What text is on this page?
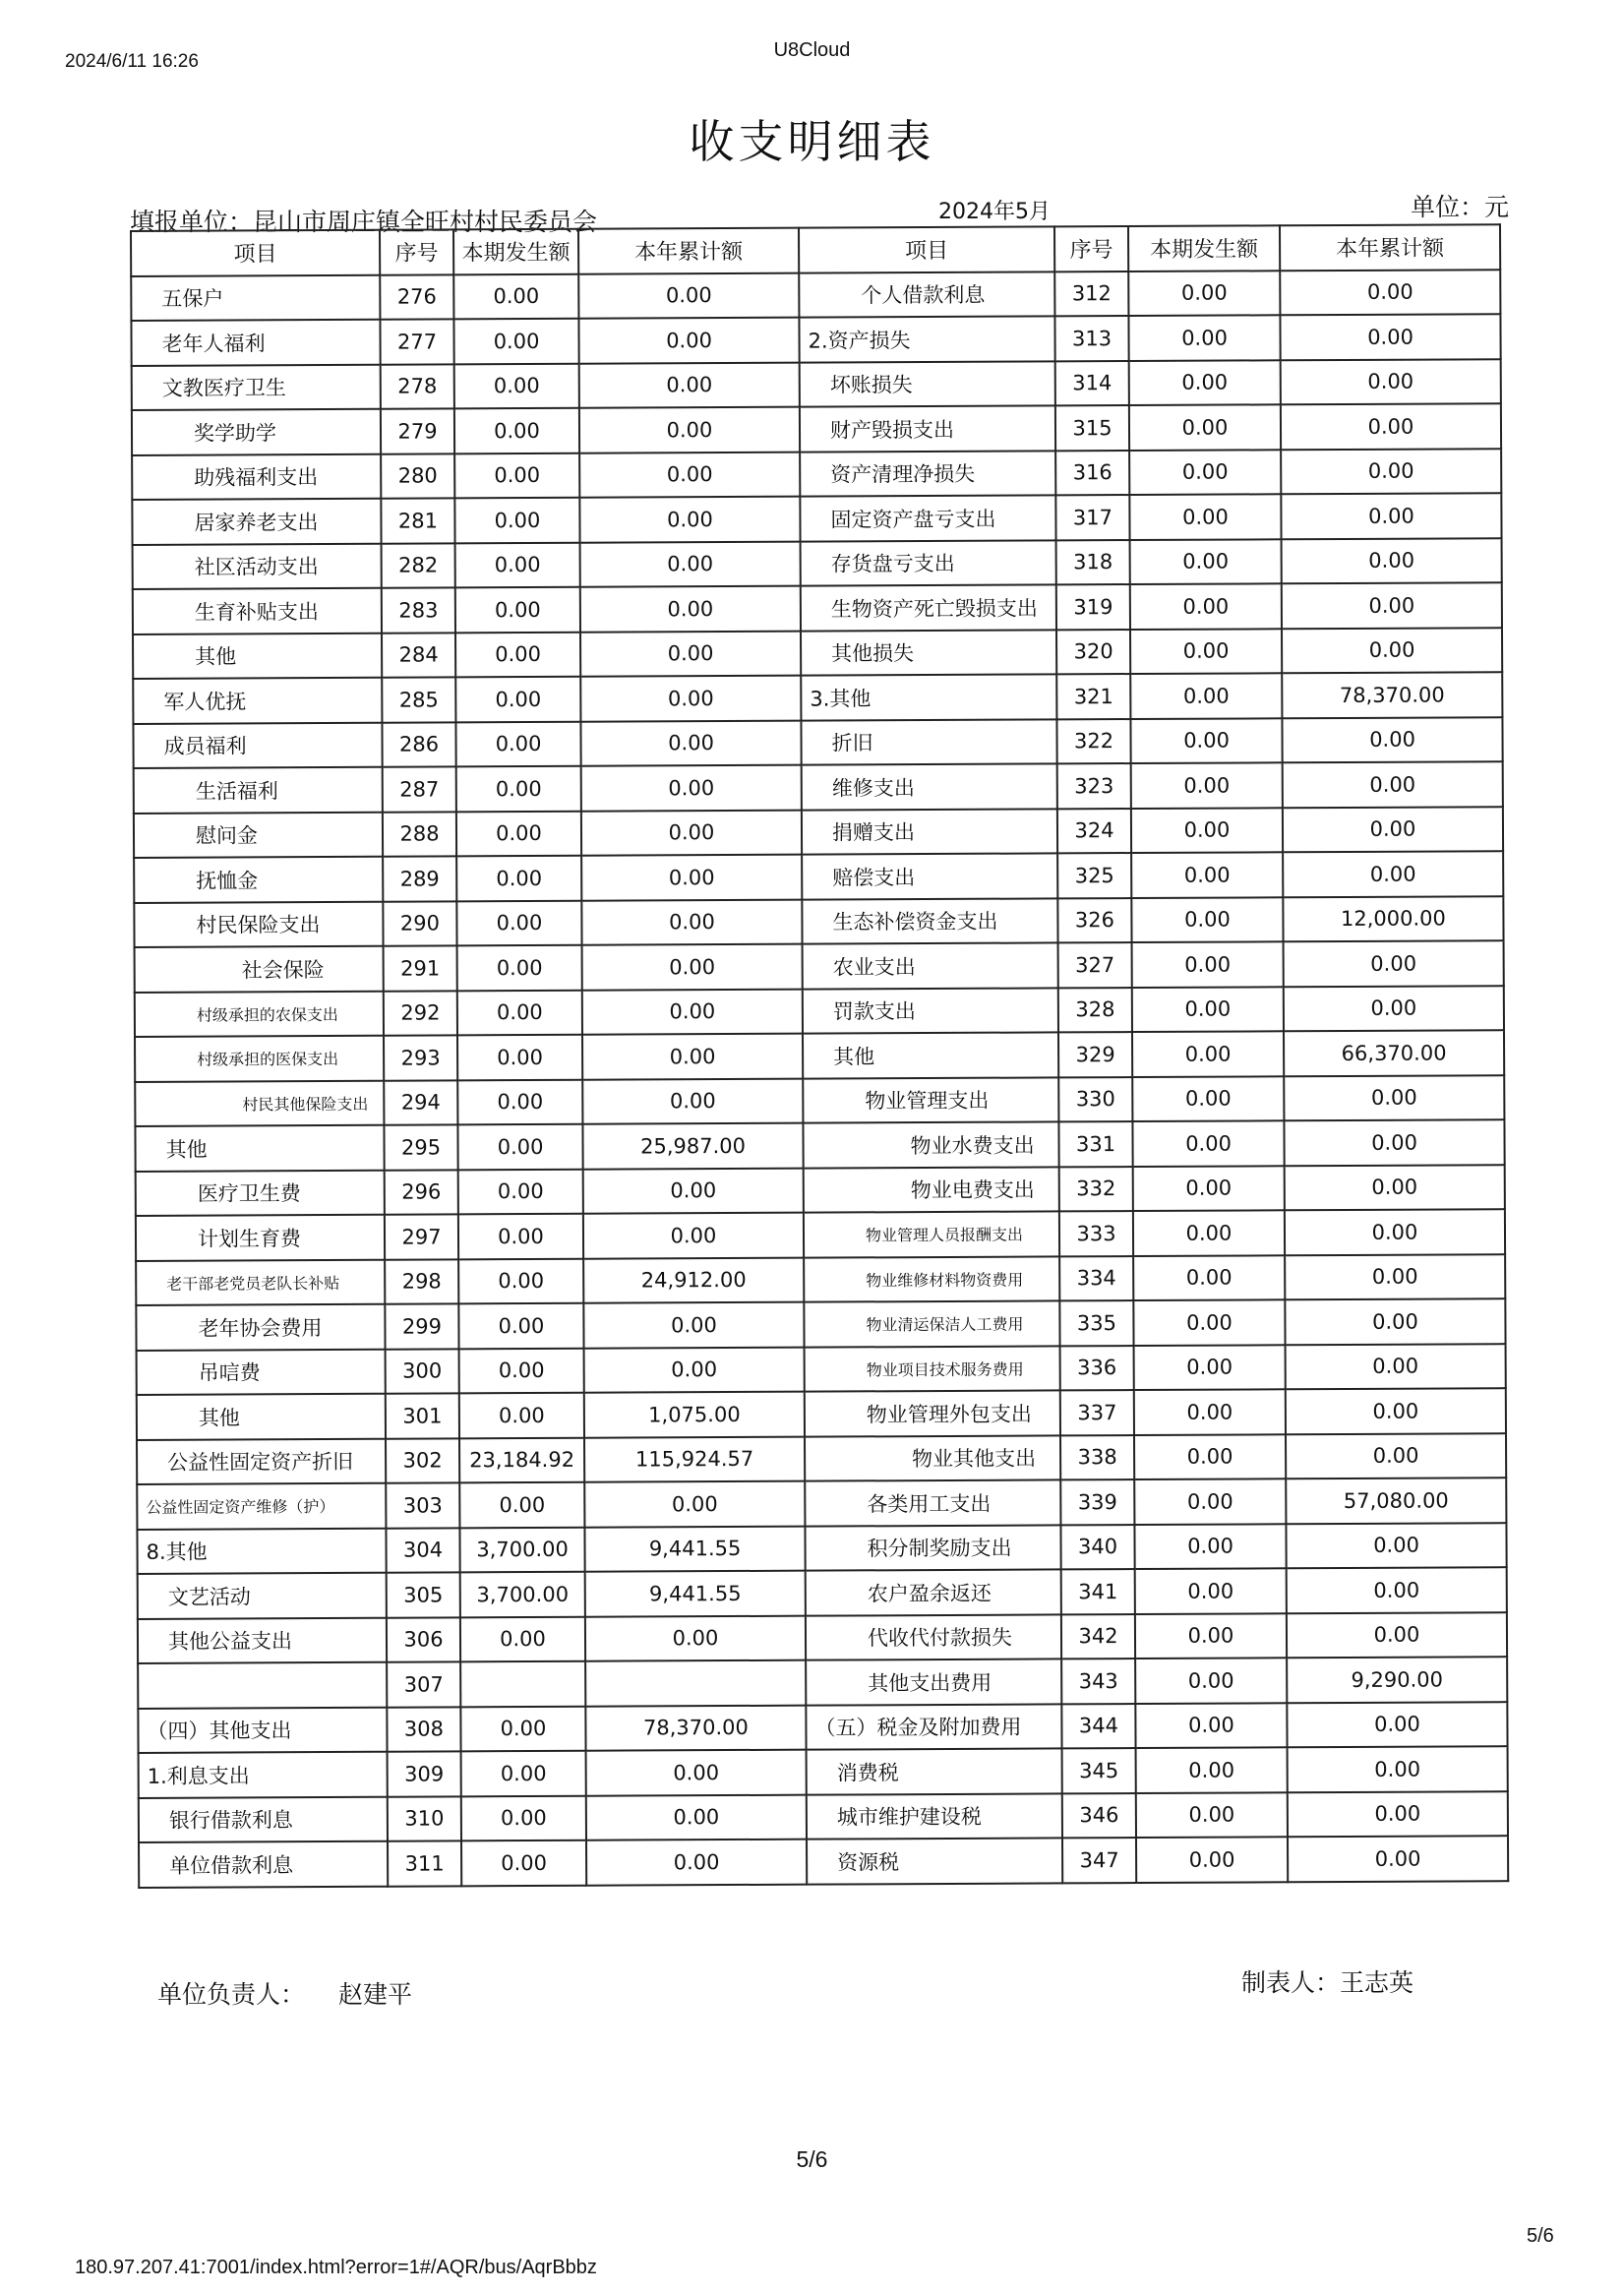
2024/6/11 16:26
U8Cloud
收支明细表
填报单位：昆山市周庄镇全旺村村民委员会	2024年5月	单位：元
项目	序号	本期发生额	本年累计额	项目	序号	本期发生额	本年累计额
五保户	276	0.00	0.00	个人借款利息	312	0.00	0.00
老年人福利	277	0.00	0.00	2.资产损失	313	0.00	0.00
文教医疗卫生	278	0.00	0.00	坏账损失	314	0.00	0.00
奖学助学	279	0.00	0.00	财产毁损支出	315	0.00	0.00
助残福利支出	280	0.00	0.00	资产清理净损失	316	0.00	0.00
居家养老支出	281	0.00	0.00	固定资产盘亏支出	317	0.00	0.00
社区活动支出	282	0.00	0.00	存货盘亏支出	318	0.00	0.00
生育补贴支出	283	0.00	0.00	生物资产死亡毁损支出	319	0.00	0.00
其他	284	0.00	0.00	其他损失	320	0.00	0.00
军人优抚	285	0.00	0.00	3.其他	321	0.00	78,370.00
成员福利	286	0.00	0.00	折旧	322	0.00	0.00
生活福利	287	0.00	0.00	维修支出	323	0.00	0.00
慰问金	288	0.00	0.00	捐赠支出	324	0.00	0.00
抚恤金	289	0.00	0.00	赔偿支出	325	0.00	0.00
村民保险支出	290	0.00	0.00	生态补偿资金支出	326	0.00	12,000.00
社会保险	291	0.00	0.00	农业支出	327	0.00	0.00
村级承担的农保支出	292	0.00	0.00	罚款支出	328	0.00	0.00
村级承担的医保支出	293	0.00	0.00	其他	329	0.00	66,370.00
村民其他保险支出	294	0.00	0.00	物业管理支出	330	0.00	0.00
其他	295	0.00	25,987.00	物业水费支出	331	0.00	0.00
医疗卫生费	296	0.00	0.00	物业电费支出	332	0.00	0.00
计划生育费	297	0.00	0.00	物业管理人员报酬支出	333	0.00	0.00
老干部老党员老队长补贴	298	0.00	24,912.00	物业维修材料物资费用	334	0.00	0.00
老年协会费用	299	0.00	0.00	物业清运保洁人工费用	335	0.00	0.00
吊唁费	300	0.00	0.00	物业项目技术服务费用	336	0.00	0.00
其他	301	0.00	1,075.00	物业管理外包支出	337	0.00	0.00
公益性固定资产折旧	302	23,184.92	115,924.57	物业其他支出	338	0.00	0.00
公益性固定资产维修（护）	303	0.00	0.00	各类用工支出	339	0.00	57,080.00
8.其他	304	3,700.00	9,441.55	积分制奖励支出	340	0.00	0.00
文艺活动	305	3,700.00	9,441.55	农户盈余返还	341	0.00	0.00
其他公益支出	306	0.00	0.00	代收代付款损失	342	0.00	0.00
	307			其他支出费用	343	0.00	9,290.00
（四）其他支出	308	0.00	78,370.00	（五）税金及附加费用	344	0.00	0.00
1.利息支出	309	0.00	0.00	消费税	345	0.00	0.00
银行借款利息	310	0.00	0.00	城市维护建设税	346	0.00	0.00
单位借款利息	311	0.00	0.00	资源税	347	0.00	0.00
单位负责人： 赵建平	制表人：王志英
5/6
180.97.207.41:7001/index.html?error=1#/AQR/bus/AqrBbbz
5/6
